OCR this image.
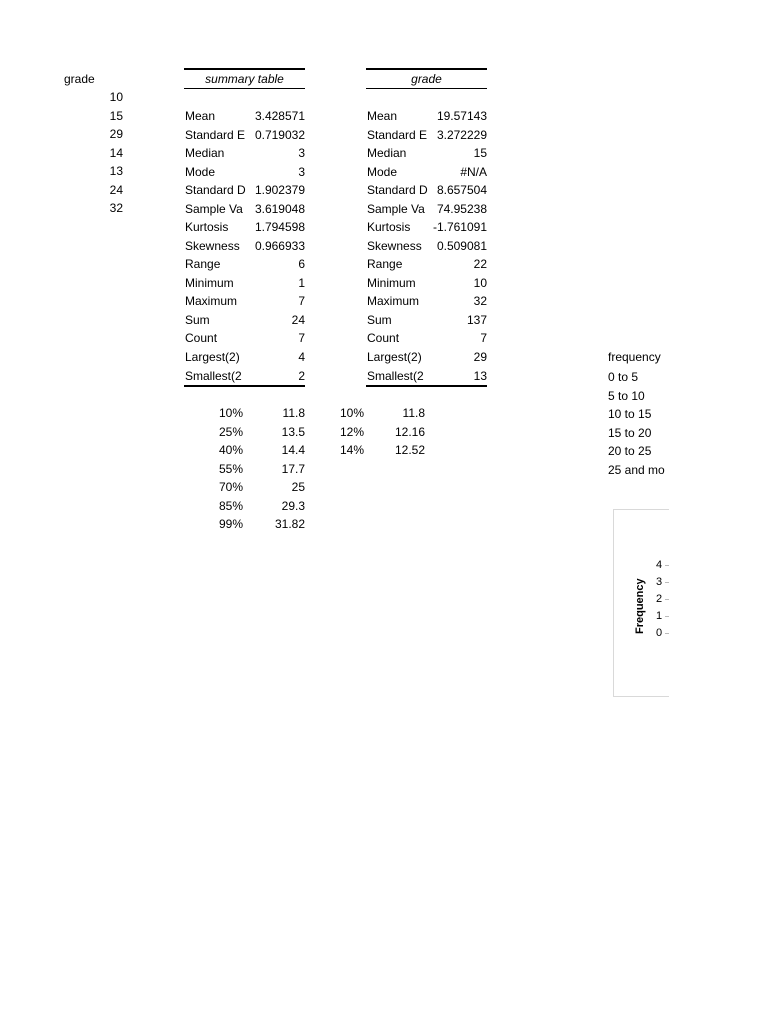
grade
10
15
29
14
13
24
32
summary table
Mean	3.428571
Standard E 0.719032
Median	3
Mode	3
Standard D 1.902379
Sample Va	3.619048
Kurtosis	1.794598
Skewness	0.966933
Range	6
Minimum	1
Maximum	7
Sum	24
Count	7
Largest(2)	4
Smallest(2	2
10%	11.8
25%	13.5
40%	14.4
55%	17.7
70%	25
85%	29.3
99%	31.82
grade
Mean	19.57143
Standard E 3.272229
Median	15
Mode	#N/A
Standard D 8.657504
Sample Va	74.95238
Kurtosis	-1.761091
Skewness	0.509081
Range	22
Minimum	10
Maximum	32
Sum	137
Count	7
Largest(2)	29
Smallest(2	13
10%	11.8
12%	12.16
14%	12.52
frequency
0 to 5
5 to 10
10 to 15
15 to 20
20 to 25
25 and mo
Frequency
4
3
2
1
0
